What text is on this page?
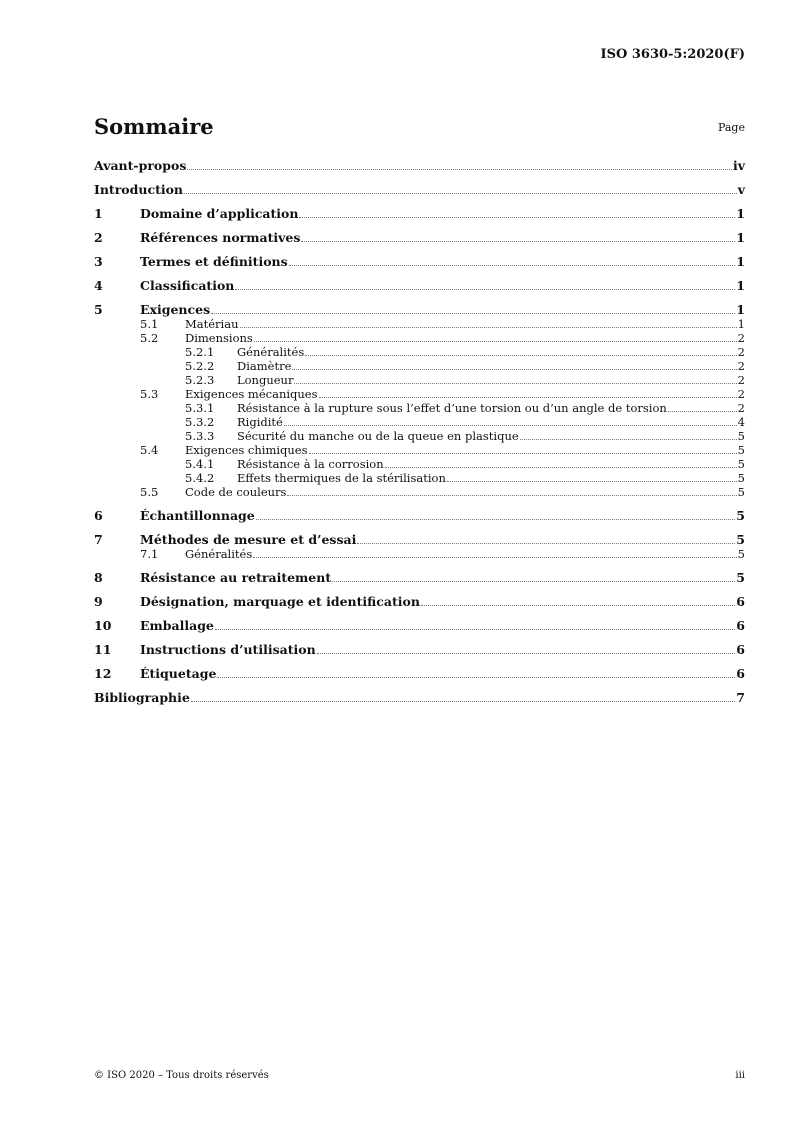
ISO 3630-5:2020(F)
Sommaire	Page
Avant-propos	iv
Introduction	v
1	Domaine d’application	1
2	Références normatives	1
3	Termes et définitions	1
4	Classification	1
5	Exigences	1
5.1	Matériau	1
5.2	Dimensions	2
5.2.1	Généralités	2
5.2.2	Diamètre	2
5.2.3	Longueur	2
5.3	Exigences mécaniques	2
5.3.1	Résistance à la rupture sous l’effet d’une torsion ou d’un angle de torsion	2
5.3.2	Rigidité	4
5.3.3	Sécurité du manche ou de la queue en plastique	5
5.4	Exigences chimiques	5
5.4.1	Résistance à la corrosion	5
5.4.2	Effets thermiques de la stérilisation	5
5.5	Code de couleurs	5
6	Échantillonnage	5
7	Méthodes de mesure et d’essai	5
7.1	Généralités	5
8	Résistance au retraitement	5
9	Désignation, marquage et identification	6
10	Emballage	6
11	Instructions d’utilisation	6
12	Étiquetage	6
Bibliographie	7
© ISO 2020 – Tous droits réservés	iii
